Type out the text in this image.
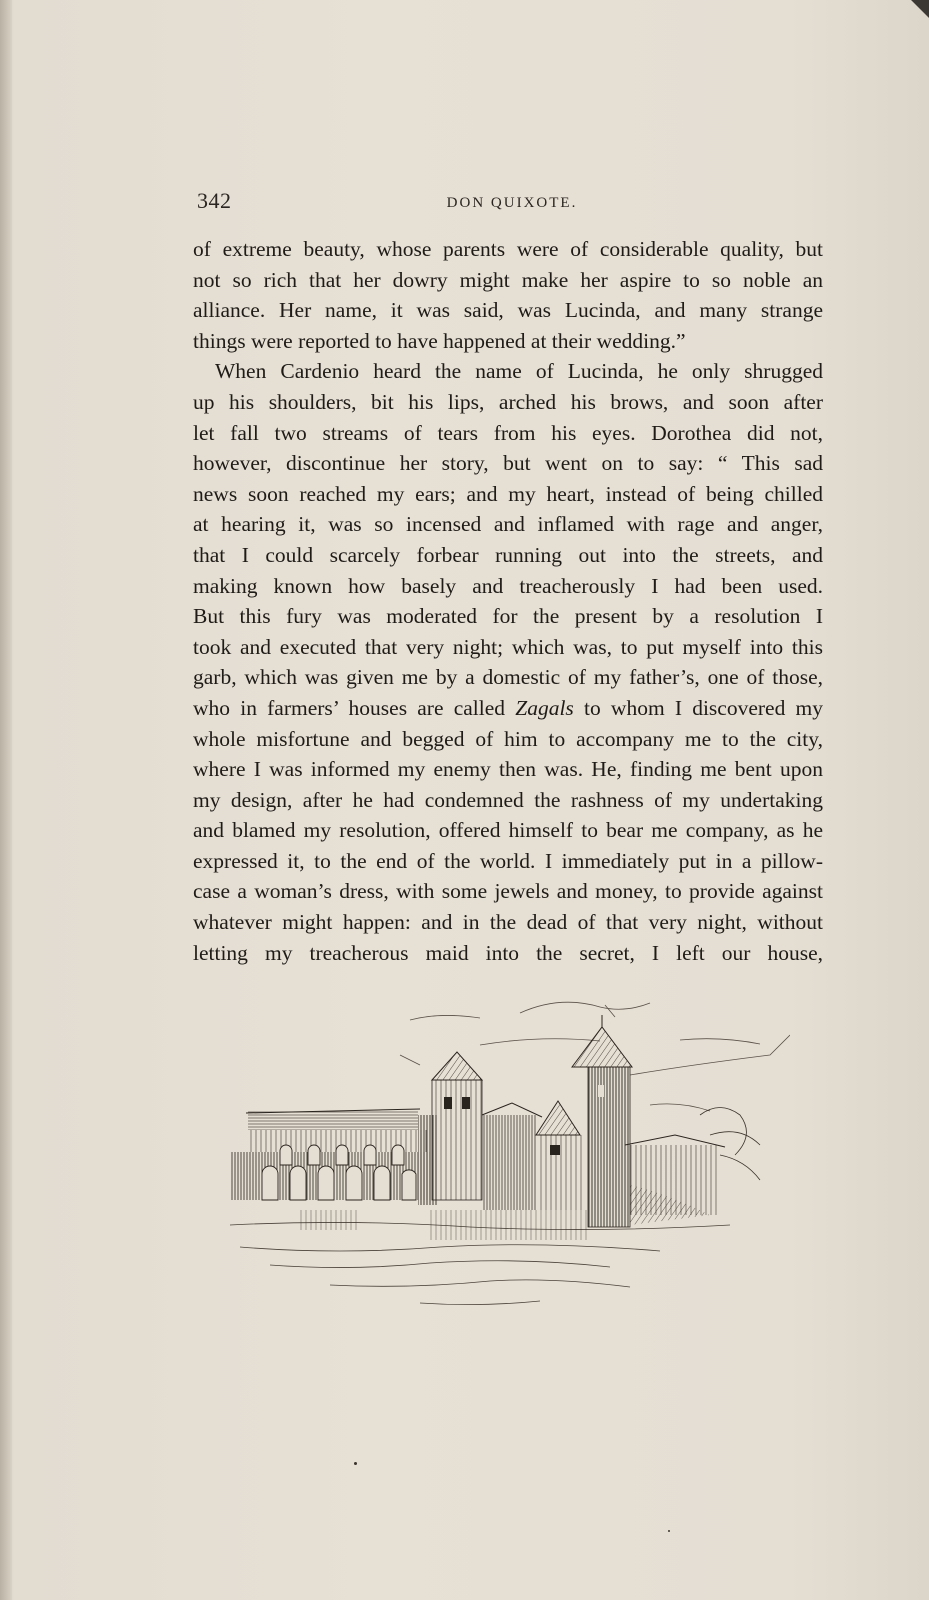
342	DON QUIXOTE.
of extreme beauty, whose parents were of considerable quality, but
not so rich that her dowry might make her aspire to so noble an
alliance. Her name, it was said, was Lucinda, and many strange
things were reported to have happened at their wedding.”
When Cardenio heard the name of Lucinda, he only shrugged
up his shoulders, bit his lips, arched his brows, and soon after
let fall two streams of tears from his eyes. Dorothea did not,
however, discontinue her story, but went on to say: “ This sad
news soon reached my ears; and my heart, instead of being chilled
at hearing it, was so incensed and inflamed with rage and anger,
that I could scarcely forbear running out into the streets, and
making known how basely and treacherously I had been used.
But this fury was moderated for the present by a resolution I
took and executed that very night; which was, to put myself into this
garb, which was given me by a domestic of my father’s, one of those,
who in farmers’ houses are called Zagals to whom I discovered my
whole misfortune and begged of him to accompany me to the city,
where I was informed my enemy then was. He, finding me bent upon
my design, after he had condemned the rashness of my undertaking
and blamed my resolution, offered himself to bear me company, as he
expressed it, to the end of the world. I immediately put in a pillow-
case a woman’s dress, with some jewels and money, to provide against
whatever might happen: and in the dead of that very night, without
letting my treacherous maid into the secret, I left our house,
